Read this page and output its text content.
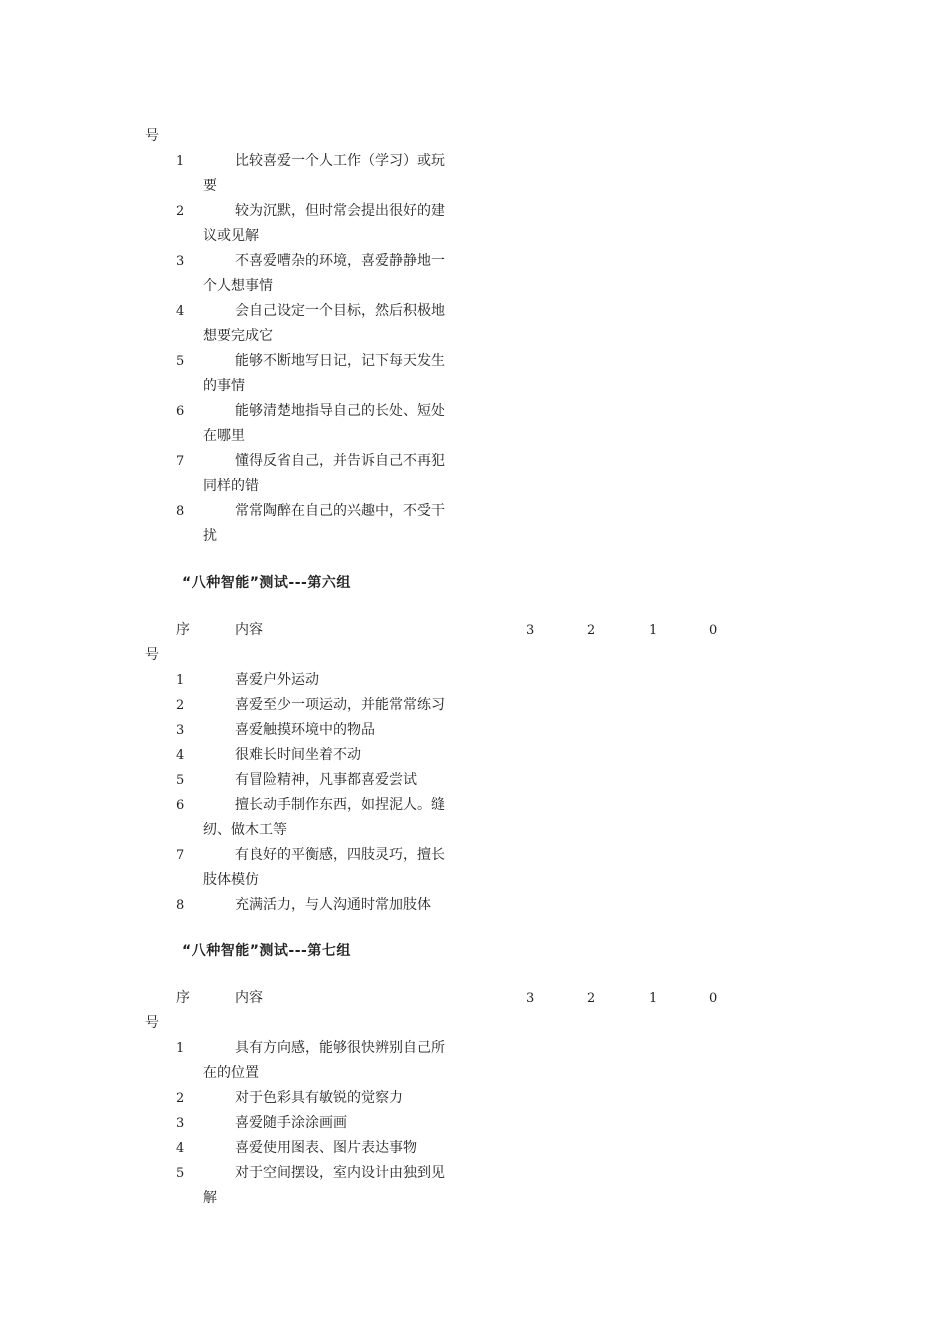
号
1	比较喜爱一个人工作（学习）或玩
要
2	较为沉默，但时常会提出很好的建
议或见解
3	不喜爱嘈杂的环境，喜爱静静地一
个人想事情
4	会自己设定一个目标，然后积极地
想要完成它
5	能够不断地写日记，记下每天发生
的事情
6	能够清楚地指导自己的长处、短处
在哪里
7	懂得反省自己，并告诉自己不再犯
同样的错
8	常常陶醉在自己的兴趣中，不受干
扰
“八种智能”测试---第六组
序	内容	3	2	1	0
号
1	喜爱户外运动
2	喜爱至少一项运动，并能常常练习
3	喜爱触摸环境中的物品
4	很难长时间坐着不动
5	有冒险精神，凡事都喜爱尝试
6	擅长动手制作东西，如捏泥人。缝
纫、做木工等
7	有良好的平衡感，四肢灵巧，擅长
肢体模仿
8	充满活力，与人沟通时常加肢体
“八种智能”测试---第七组
序	内容	3	2	1	0
号
1	具有方向感，能够很快辨别自己所
在的位置
2	对于色彩具有敏锐的觉察力
3	喜爱随手涂涂画画
4	喜爱使用图表、图片表达事物
5	对于空间摆设，室内设计由独到见
解
